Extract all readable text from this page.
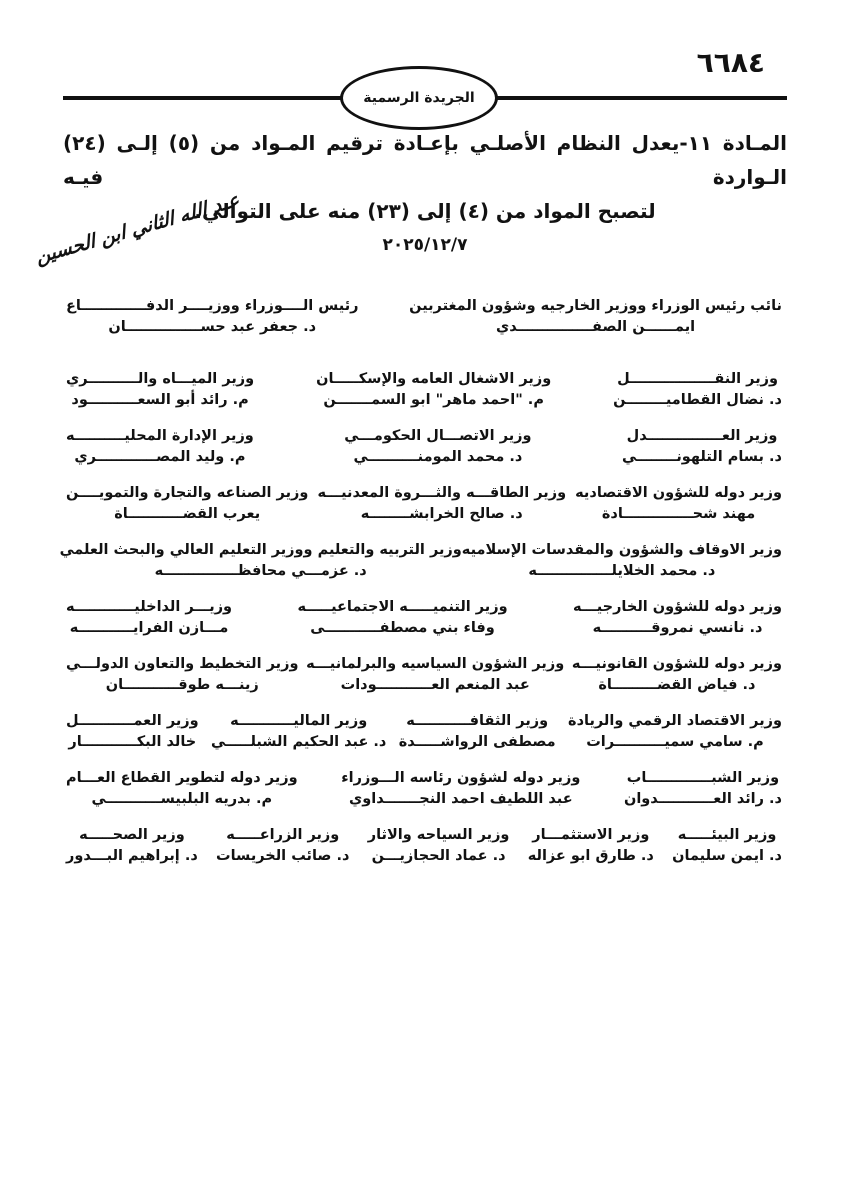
٦٦٨٤
الجريدة الرسمية

المـادة ١١-يعدل النظام الأصلـي بإعـادة ترقيم المـواد من (٥) إلـى (٢٤) الـواردة فيـه

لتصبح المواد من (٤) إلى (٢٣) منه على التوالي.

٢٠٢٥/١٢/٧

عبد الله الثاني ابن الحسين
نائب رئيس الوزراء ووزير الخارجيه وشؤون المغتربين
ايمــــــن الصفـــــــــــــــدي
رئيس الــــوزراء ووزيــــر الدفـــــــــــــاع
د. جعفر عبد حســـــــــــــــان
وزير النقـــــــــــــــــل
د. نضال القطاميــــــــن
وزير الاشغال العامه والإسكـــــان
م. "احمد ماهر" ابو السمـــــــن
وزير الميـــاه والــــــــــري
م. رائد أبو السعــــــــــود
وزير العـــــــــــــــدل
د. بسام التلهونــــــــي
وزير الاتصـــال الحكومـــي
د. محمد المومنــــــــــي
وزير الإدارة المحليــــــــــه
م. وليد المصــــــــــــري
وزير دوله للشؤون الاقتصاديه
مهند شحــــــــــــــادة
وزير الطاقـــه والثـــروة المعدنيـــه
د. صالح الخرابشــــــــه
وزير الصناعه والتجارة والتمويــــن
يعرب القضـــــــــــاة
وزير الاوقاف والشؤون والمقدسات الإسلاميه
د. محمد الخلايلـــــــــــــــه
وزير التربيه والتعليم ووزير التعليم العالي والبحث العلمي
د. عزمـــي محافظـــــــــــــــه
وزير دوله للشؤون الخارجيـــه
د. نانسي نمروقــــــــــه
وزير التنميـــــه الاجتماعيـــــه
وفاء بني مصطفـــــــــــى
وزيـــر الداخليــــــــــــه
مـــازن الفرايـــــــــــه
وزير دوله للشؤون القانونيـــه
د. فياض القضـــــــــاة
وزير الشؤون السياسيه والبرلمانيـــه
عبد المنعم العـــــــــــودات
وزير التخطيط والتعاون الدولـــي
زينـــه طوقـــــــــــان
وزير الاقتصاد الرقمي والريادة
م. سامي سميــــــــــرات
وزير الثقافـــــــــــه
مصطفى الرواشـــــدة
وزير الماليـــــــــــه
د. عبد الحكيم الشبلـــــي
وزير العمـــــــــــل
خالد البكـــــــــــار
وزير الشبـــــــــــــاب
د. رائد العـــــــــــدوان
وزير دوله لشؤون رئاسه الـــوزراء
عبد اللطيف احمد النجـــــــداوي
وزير دوله لتطوير القطاع العـــام
م. بدريه البلبيســـــــــــي
وزير البيئـــــه
د. ايمن سليمان
وزير الاستثمـــار
د. طارق ابو عزاله
وزير السياحه والاثار
د. عماد الحجازيـــن
وزير الزراعـــــه
د. صائب الخريسات
وزير الصحـــــه
د. إبراهيم البـــدور
